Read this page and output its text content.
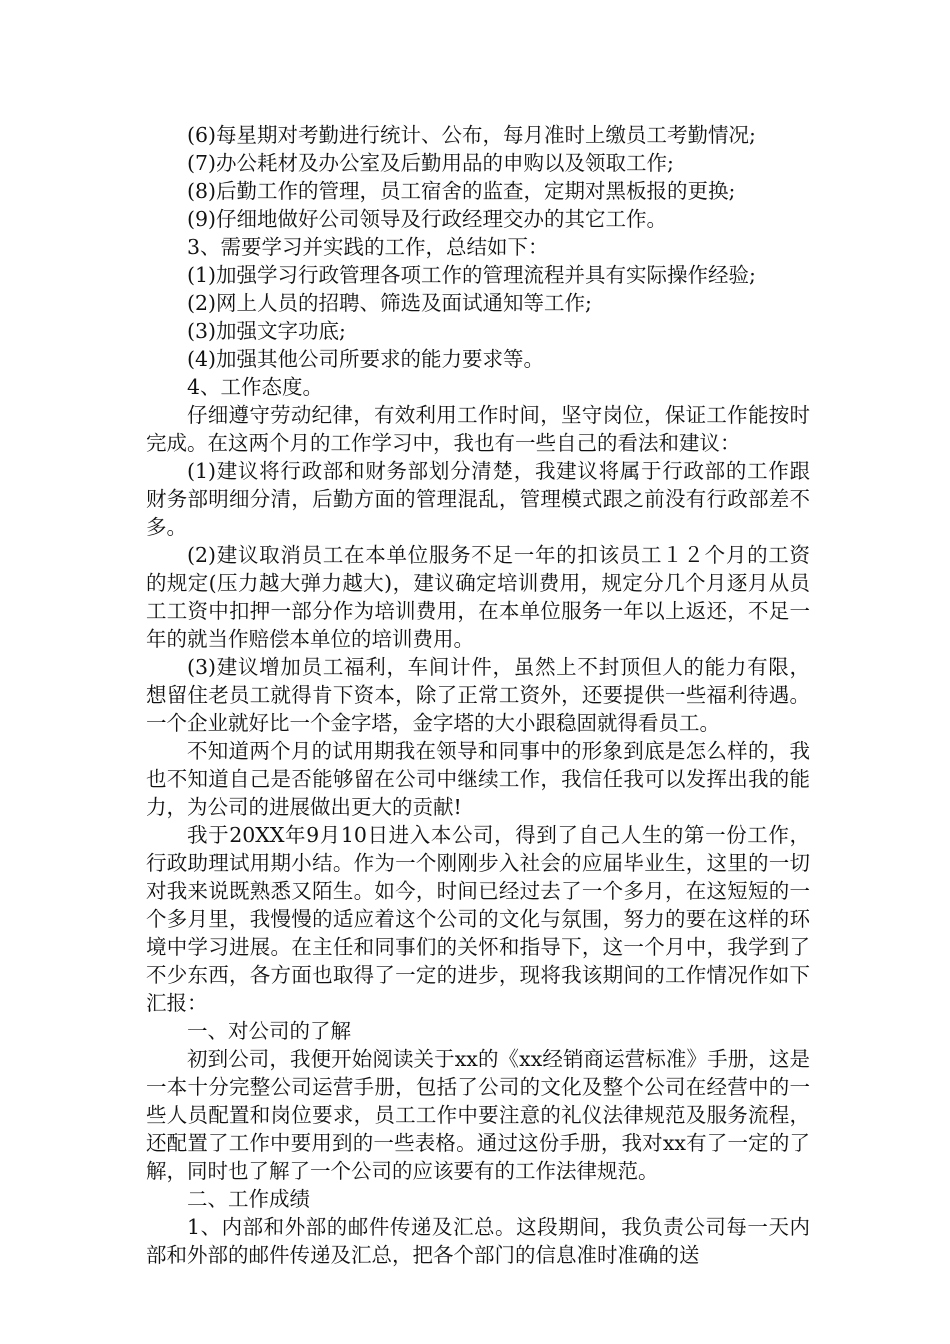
(6)每星期对考勤进行统计、公布，每月准时上缴员工考勤情况;

(7)办公耗材及办公室及后勤用品的申购以及领取工作;

(8)后勤工作的管理，员工宿舍的监查，定期对黑板报的更换;

(9)仔细地做好公司领导及行政经理交办的其它工作。

3、需要学习并实践的工作，总结如下：

(1)加强学习行政管理各项工作的管理流程并具有实际操作经验;

(2)网上人员的招聘、筛选及面试通知等工作;

(3)加强文字功底;

(4)加强其他公司所要求的能力要求等。

4、工作态度。

仔细遵守劳动纪律，有效利用工作时间，坚守岗位，保证工作能按时完成。在这两个月的工作学习中，我也有一些自己的看法和建议：

(1)建议将行政部和财务部划分清楚，我建议将属于行政部的工作跟财务部明细分清，后勤方面的管理混乱，管理模式跟之前没有行政部差不多。

(2)建议取消员工在本单位服务不足一年的扣该员工１２个月的工资的规定(压力越大弹力越大)，建议确定培训费用，规定分几个月逐月从员工工资中扣押一部分作为培训费用，在本单位服务一年以上返还，不足一年的就当作赔偿本单位的培训费用。

(3)建议增加员工福利，车间计件，虽然上不封顶但人的能力有限，想留住老员工就得肯下资本，除了正常工资外，还要提供一些福利待遇。一个企业就好比一个金字塔，金字塔的大小跟稳固就得看员工。

不知道两个月的试用期我在领导和同事中的形象到底是怎么样的，我也不知道自己是否能够留在公司中继续工作，我信任我可以发挥出我的能力，为公司的进展做出更大的贡献!

我于20XX年9月10日进入本公司，得到了自己人生的第一份工作，行政助理试用期小结。作为一个刚刚步入社会的应届毕业生，这里的一切对我来说既熟悉又陌生。如今，时间已经过去了一个多月，在这短短的一个多月里，我慢慢的适应着这个公司的文化与氛围，努力的要在这样的环境中学习进展。在主任和同事们的关怀和指导下，这一个月中，我学到了不少东西，各方面也取得了一定的进步，现将我该期间的工作情况作如下汇报：

一、对公司的了解

初到公司，我便开始阅读关于xx的《xx经销商运营标准》手册，这是一本十分完整公司运营手册，包括了公司的文化及整个公司在经营中的一些人员配置和岗位要求，员工工作中要注意的礼仪法律规范及服务流程，还配置了工作中要用到的一些表格。通过这份手册，我对xx有了一定的了解，同时也了解了一个公司的应该要有的工作法律规范。

二、工作成绩

1、内部和外部的邮件传递及汇总。这段期间，我负责公司每一天内部和外部的邮件传递及汇总，把各个部门的信息准时准确的送
